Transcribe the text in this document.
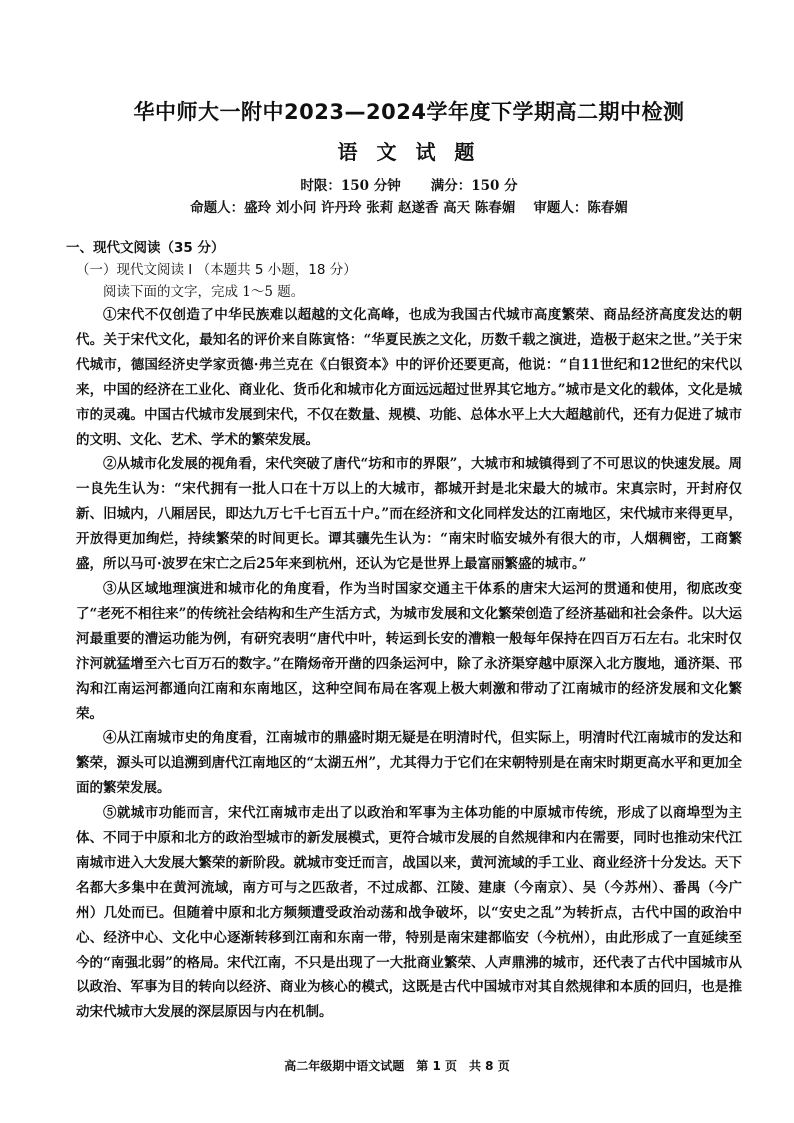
华中师大一附中2023—2024学年度下学期高二期中检测
语 文 试 题
时限：150 分钟 满分：150 分
命题人：盛玲 刘小问 许丹玲 张莉 赵遂香 高天 陈春媚 审题人：陈春媚
一、现代文阅读（35 分）
（一）现代文阅读 I （本题共 5 小题，18 分）
阅读下面的文字，完成 1～5 题。

①宋代不仅创造了中华民族难以超越的文化高峰，也成为我国古代城市高度繁荣、商品经济高度发达的朝代。关于宋代文化，最知名的评价来自陈寅恪：“华夏民族之文化，历数千载之演进，造极于赵宋之世。”关于宋代城市，德国经济史学家贡德·弗兰克在《白银资本》中的评价还要更高，他说：“自11世纪和12世纪的宋代以来，中国的经济在工业化、商业化、货币化和城市化方面远远超过世界其它地方。”城市是文化的载体，文化是城市的灵魂。中国古代城市发展到宋代，不仅在数量、规模、功能、总体水平上大大超越前代，还有力促进了城市的文明、文化、艺术、学术的繁荣发展。

②从城市化发展的视角看，宋代突破了唐代“坊和市的界限”，大城市和城镇得到了不可思议的快速发展。周一良先生认为：“宋代拥有一批人口在十万以上的大城市，都城开封是北宋最大的城市。宋真宗时，开封府仅新、旧城内，八厢居民，即达九万七千七百五十户。”而在经济和文化同样发达的江南地区，宋代城市来得更早，开放得更加绚烂，持续繁荣的时间更长。谭其骧先生认为：“南宋时临安城外有很大的市，人烟稠密，工商繁盛，所以马可·波罗在宋亡之后25年来到杭州，还认为它是世界上最富丽繁盛的城市。”

③从区域地理演进和城市化的角度看，作为当时国家交通主干体系的唐宋大运河的贯通和使用，彻底改变了“老死不相往来”的传统社会结构和生产生活方式，为城市发展和文化繁荣创造了经济基础和社会条件。以大运河最重要的漕运功能为例，有研究表明“唐代中叶，转运到长安的漕粮一般每年保持在四百万石左右。北宋时仅汴河就猛增至六七百万石的数字。”在隋炀帝开凿的四条运河中，除了永济渠穿越中原深入北方腹地，通济渠、邗沟和江南运河都通向江南和东南地区，这种空间布局在客观上极大刺激和带动了江南城市的经济发展和文化繁荣。

④从江南城市史的角度看，江南城市的鼎盛时期无疑是在明清时代，但实际上，明清时代江南城市的发达和繁荣，源头可以追溯到唐代江南地区的“太湖五州”，尤其得力于它们在宋朝特别是在南宋时期更高水平和更加全面的繁荣发展。

⑤就城市功能而言，宋代江南城市走出了以政治和军事为主体功能的中原城市传统，形成了以商埠型为主体、不同于中原和北方的政治型城市的新发展模式，更符合城市发展的自然规律和内在需要，同时也推动宋代江南城市进入大发展大繁荣的新阶段。就城市变迁而言，战国以来，黄河流域的手工业、商业经济十分发达。天下名都大多集中在黄河流域，南方可与之匹敌者，不过成都、江陵、建康（今南京）、吴（今苏州）、番禺（今广州）几处而已。但随着中原和北方频频遭受政治动荡和战争破坏，以“安史之乱”为转折点，古代中国的政治中心、经济中心、文化中心逐渐转移到江南和东南一带，特别是南宋建都临安（今杭州），由此形成了一直延续至今的“南强北弱”的格局。宋代江南，不只是出现了一大批商业繁荣、人声鼎沸的城市，还代表了古代中国城市从以政治、军事为目的转向以经济、商业为核心的模式，这既是古代中国城市对其自然规律和本质的回归，也是推动宋代城市大发展的深层原因与内在机制。

高二年级期中语文试题　第 1 页　共 8 页
